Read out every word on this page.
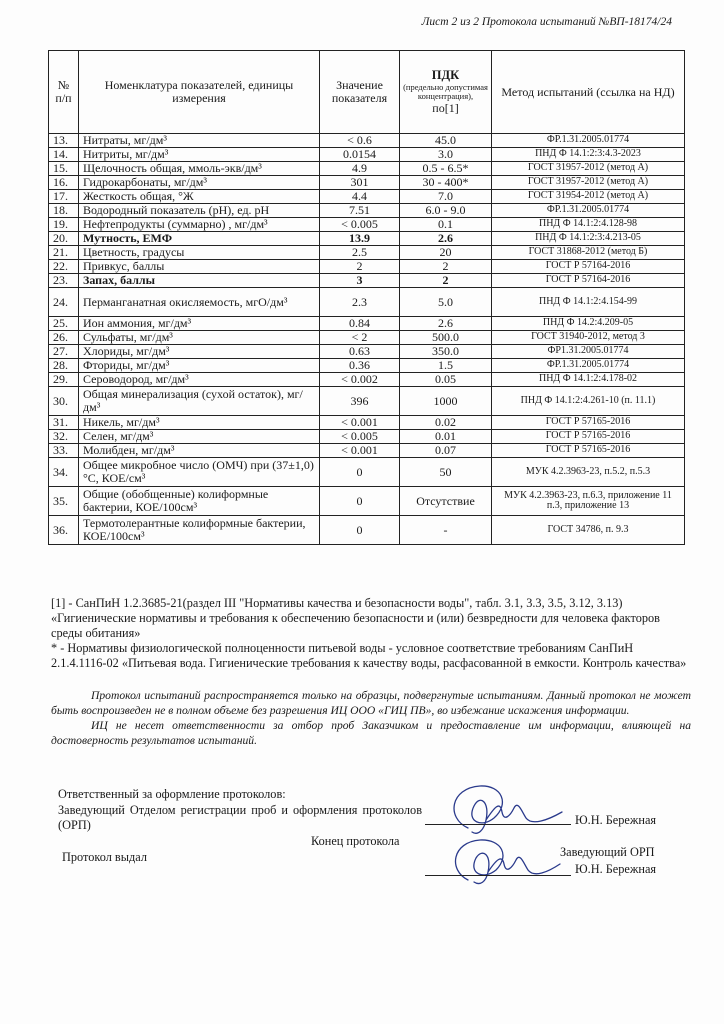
Лист 2 из 2 Протокола испытаний №ВП-18174/24
№ п/п	Номенклатура показателей, единицы измерения	Значение показателя	ПДК
(предельно допустимая концентрация),
по[1]	Метод испытаний (ссылка на НД)
13.	Нитраты, мг/дм³	< 0.6	45.0	ФР.1.31.2005.01774
14.	Нитриты, мг/дм³	0.0154	3.0	ПНД Ф 14.1:2:3:4.3-2023
15.	Щелочность общая, ммоль-экв/дм³	4.9	0.5 - 6.5*	ГОСТ 31957-2012 (метод А)
16.	Гидрокарбонаты, мг/дм³	301	30 - 400*	ГОСТ 31957-2012 (метод А)
17.	Жесткость общая, °Ж	4.4	7.0	ГОСТ 31954-2012 (метод А)
18.	Водородный показатель (pH), ед. pH	7.51	6.0 - 9.0	ФР.1.31.2005.01774
19.	Нефтепродукты (суммарно) , мг/дм³	< 0.005	0.1	ПНД Ф 14.1:2:4.128-98
20.	Мутность, ЕМФ	13.9	2.6	ПНД Ф 14.1:2:3:4.213-05
21.	Цветность, градусы	2.5	20	ГОСТ 31868-2012 (метод Б)
22.	Привкус, баллы	2	2	ГОСТ Р 57164-2016
23.	Запах, баллы	3	2	ГОСТ Р 57164-2016
24.	Перманганатная окисляемость, мгO/дм³	2.3	5.0	ПНД Ф 14.1:2:4.154-99
25.	Ион аммония, мг/дм³	0.84	2.6	ПНД Ф 14.2:4.209-05
26.	Сульфаты, мг/дм³	< 2	500.0	ГОСТ 31940-2012, метод 3
27.	Хлориды, мг/дм³	0.63	350.0	ФР1.31.2005.01774
28.	Фториды, мг/дм³	0.36	1.5	ФР.1.31.2005.01774
29.	Сероводород, мг/дм³	< 0.002	0.05	ПНД Ф 14.1:2:4.178-02
30.	Общая минерализация (сухой остаток), мг/дм³	396	1000	ПНД Ф 14.1:2:4.261-10 (п. 11.1)
31.	Никель, мг/дм³	< 0.001	0.02	ГОСТ Р 57165-2016
32.	Селен, мг/дм³	< 0.005	0.01	ГОСТ Р 57165-2016
33.	Молибден, мг/дм³	< 0.001	0.07	ГОСТ Р 57165-2016
34.	Общее микробное число (ОМЧ) при (37±1,0)°С, КОЕ/см³	0	50	МУК 4.2.3963-23, п.5.2, п.5.3
35.	Общие (обобщенные) колиформные бактерии, КОЕ/100см³	0	Отсутствие	МУК 4.2.3963-23, п.6.3, приложение 11 п.3, приложение 13
36.	Термотолерантные колиформные бактерии, КОЕ/100см³	0	-	ГОСТ 34786, п. 9.3

[1] - СанПиН 1.2.3685-21(раздел III "Нормативы качества и безопасности воды", табл. 3.1, 3.3, 3.5, 3.12, 3.13) «Гигиенические нормативы и требования к обеспечению безопасности и (или) безвредности для человека факторов среды обитания»

* - Нормативы физиологической полноценности питьевой воды - условное соответствие требованиям СанПиН 2.1.4.1116-02 «Питьевая вода. Гигиенические требования к качеству воды, расфасованной в емкости. Контроль качества»

Протокол испытаний распространяется только на образцы, подвергнутые испытаниям. Данный протокол не может быть воспроизведен не в полном объеме без разрешения ИЦ ООО «ГИЦ ПВ», во избежание искажения информации.

ИЦ не несет ответственности за отбор проб Заказчиком и предоставление им информации, влияющей на достоверность результатов испытаний.

Ответственный за оформление протоколов:
Заведующий Отделом регистрации проб и оформления протоколов (ОРП)	Ю.Н. Бережная
Конец протокола
Протокол выдал	Заведующий ОРП
Ю.Н. Бережная
